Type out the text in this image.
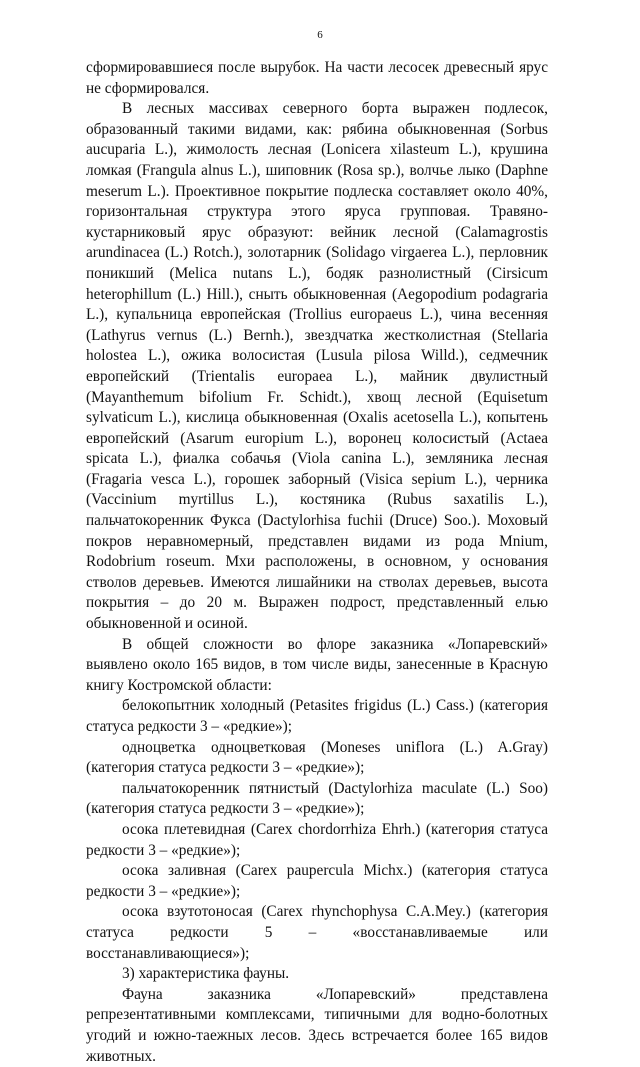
6

сформировавшиеся после вырубок. На части лесосек древесный ярус не сформировался.

В лесных массивах северного борта выражен подлесок, образованный такими видами, как: рябина обыкновенная (Sorbus aucuparia L.), жимолость лесная (Lonicera xilasteum L.), крушина ломкая (Frangula alnus L.), шиповник (Rosa sp.), волчье лыко (Daphne meserum L.). Проективное покрытие подлеска составляет около 40%, горизонтальная структура этого яруса групповая. Травяно-кустарниковый ярус образуют: вейник лесной (Calamagrostis arundinacea (L.) Rotch.), золотарник (Solidago virgaerea L.), перловник поникший (Melica nutans L.), бодяк разнолистный (Cirsicum heterophillum (L.) Hill.), сныть обыкновенная (Aegopodium podagraria L.), купальница европейская (Trollius europaeus L.), чина весенняя (Lathyrus vernus (L.) Bernh.), звездчатка жестколистная (Stellaria holostea L.), ожика волосистая (Lusula pilosa Willd.), седмечник европейский (Trientalis europaea L.), майник двулистный (Mayanthemum bifolium Fr. Schidt.), хвощ лесной (Equisetum sylvaticum L.), кислица обыкновенная (Oxalis acetosella L.), копытень европейский (Asarum europium L.), воронец колосистый (Actaea spicata L.), фиалка собачья (Viola canina L.), земляника лесная (Fragaria vesca L.), горошек заборный (Visica sepium L.), черника (Vaccinium myrtillus L.), костяника (Rubus saxatilis L.), пальчатокоренник Фукса (Dactylorhisa fuchii (Druce) Soo.). Моховый покров неравномерный, представлен видами из рода Mnium, Rodobrium roseum. Мхи расположены, в основном, у основания стволов деревьев. Имеются лишайники на стволах деревьев, высота покрытия – до 20 м. Выражен подрост, представленный елью обыкновенной и осиной.

В общей сложности во флоре заказника «Лопаревский» выявлено около 165 видов, в том числе виды, занесенные в Красную книгу Костромской области:

белокопытник холодный (Petasites frigidus (L.) Cass.) (категория статуса редкости 3 – «редкие»);

одноцветка одноцветковая (Moneses uniflora (L.) A.Gray) (категория статуса редкости 3 – «редкие»);

пальчатокоренник пятнистый (Dactylorhiza maculate (L.) Soo) (категория статуса редкости 3 – «редкие»);

осока плетевидная (Carex chordorrhiza Ehrh.) (категория статуса редкости 3 – «редкие»);

осока заливная (Carex paupercula Michx.) (категория статуса редкости 3 – «редкие»);

осока взутотоносая (Carex rhynchophysa C.A.Mey.) (категория статуса редкости 5 – «восстанавливаемые или восстанавливающиеся»);

3) характеристика фауны.

Фауна заказника «Лопаревский» представлена репрезентативными комплексами, типичными для водно-болотных угодий и южно-таежных лесов. Здесь встречается более 165 видов животных.
